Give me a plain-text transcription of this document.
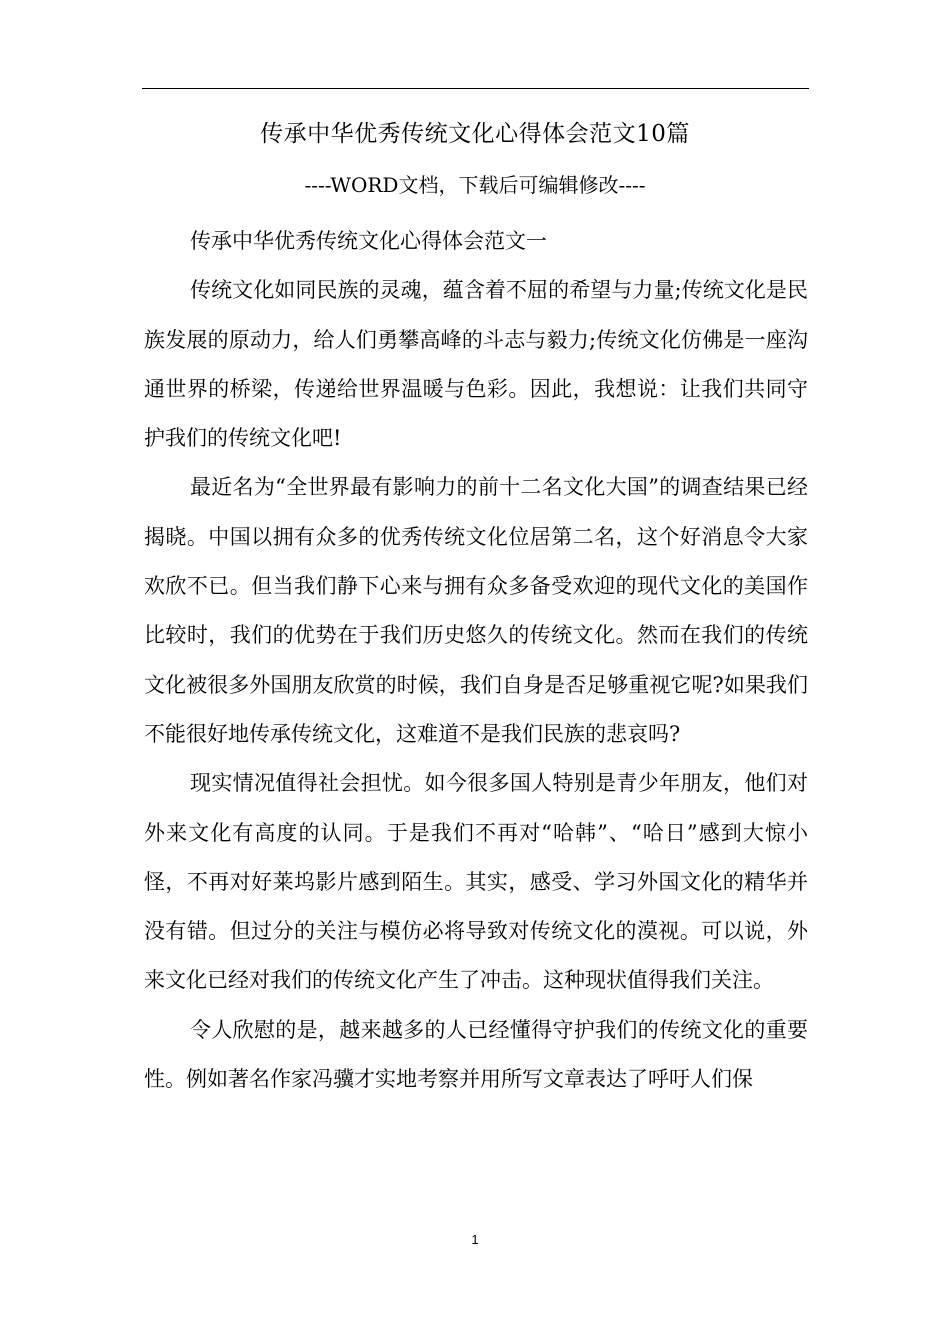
传承中华优秀传统文化心得体会范文10篇
----WORD文档，下载后可编辑修改----

传承中华优秀传统文化心得体会范文一

传统文化如同民族的灵魂，蕴含着不屈的希望与力量;传统文化是民族发展的原动力，给人们勇攀高峰的斗志与毅力;传统文化仿佛是一座沟通世界的桥梁，传递给世界温暖与色彩。因此，我想说：让我们共同守护我们的传统文化吧!

最近名为“全世界最有影响力的前十二名文化大国”的调查结果已经揭晓。中国以拥有众多的优秀传统文化位居第二名，这个好消息令大家欢欣不已。但当我们静下心来与拥有众多备受欢迎的现代文化的美国作比较时，我们的优势在于我们历史悠久的传统文化。然而在我们的传统文化被很多外国朋友欣赏的时候，我们自身是否足够重视它呢?如果我们不能很好地传承传统文化，这难道不是我们民族的悲哀吗?

现实情况值得社会担忧。如今很多国人特别是青少年朋友，他们对外来文化有高度的认同。于是我们不再对“哈韩”、“哈日”感到大惊小怪，不再对好莱坞影片感到陌生。其实，感受、学习外国文化的精华并没有错。但过分的关注与模仿必将导致对传统文化的漠视。可以说，外来文化已经对我们的传统文化产生了冲击。这种现状值得我们关注。

令人欣慰的是，越来越多的人已经懂得守护我们的传统文化的重要性。例如著名作家冯骥才实地考察并用所写文章表达了呼吁人们保

1
